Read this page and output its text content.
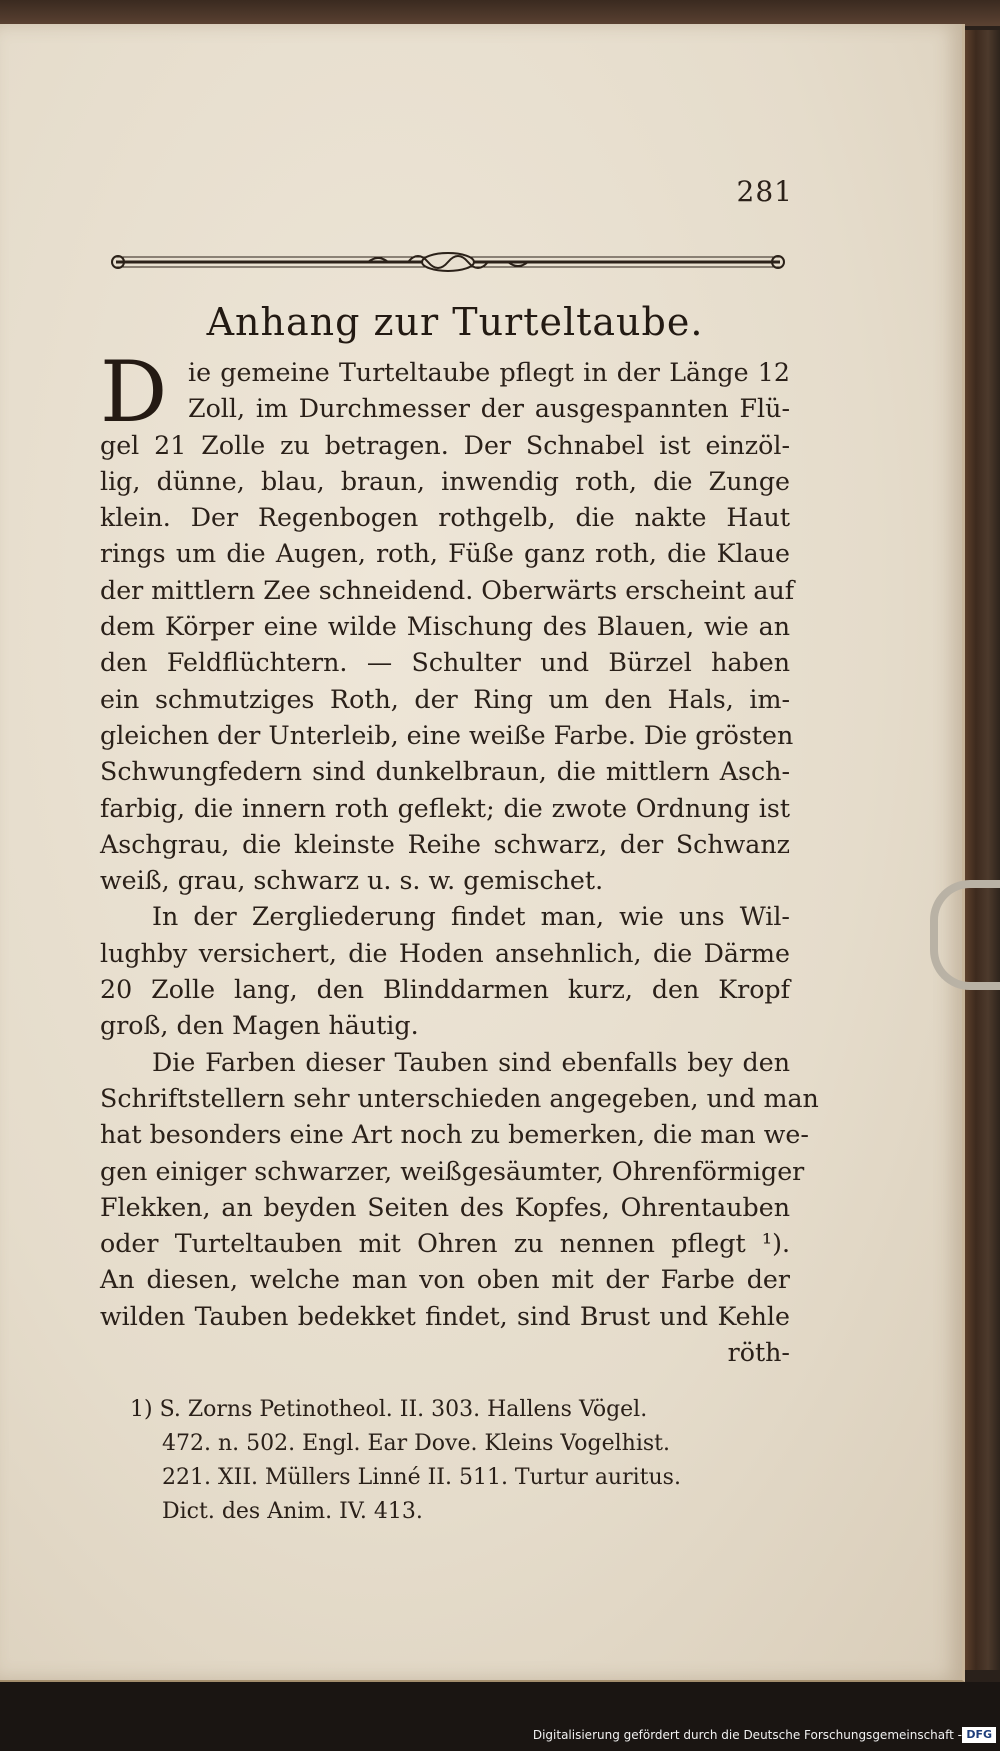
281
Anhang zur Turteltaube.
D ie gemeine Turteltaube pflegt in der Länge 12
Zoll, im Durchmesser der ausgespannten Flü-
gel 21 Zolle zu betragen. Der Schnabel ist einzöl-
lig, dünne, blau, braun, inwendig roth, die Zunge
klein. Der Regenbogen rothgelb, die nakte Haut
rings um die Augen, roth, Füße ganz roth, die Klaue
der mittlern Zee schneidend. Oberwärts erscheint auf
dem Körper eine wilde Mischung des Blauen, wie an
den Feldflüchtern. — Schulter und Bürzel haben
ein schmutziges Roth, der Ring um den Hals, im-
gleichen der Unterleib, eine weiße Farbe. Die grösten
Schwungfedern sind dunkelbraun, die mittlern Asch-
farbig, die innern roth geflekt; die zwote Ordnung ist
Aschgrau, die kleinste Reihe schwarz, der Schwanz
weiß, grau, schwarz u. s. w. gemischet.
In der Zergliederung findet man, wie uns Wil-
lughby versichert, die Hoden ansehnlich, die Därme
20 Zolle lang, den Blinddarmen kurz, den Kropf
groß, den Magen häutig.
Die Farben dieser Tauben sind ebenfalls bey den
Schriftstellern sehr unterschieden angegeben, und man
hat besonders eine Art noch zu bemerken, die man we-
gen einiger schwarzer, weißgesäumter, Ohrenförmiger
Flekken, an beyden Seiten des Kopfes, Ohrentauben
oder Turteltauben mit Ohren zu nennen pflegt ¹).
An diesen, welche man von oben mit der Farbe der
wilden Tauben bedekket findet, sind Brust und Kehle
röth-
1) S. Zorns Petinotheol. II. 303. Hallens Vögel.
472. n. 502. Engl. Ear Dove. Kleins Vogelhist.
221. XII. Müllers Linné II. 511. Turtur auritus.
Dict. des Anim. IV. 413.
Digitalisierung gefördert durch die Deutsche Forschungsgemeinschaft - DFG
